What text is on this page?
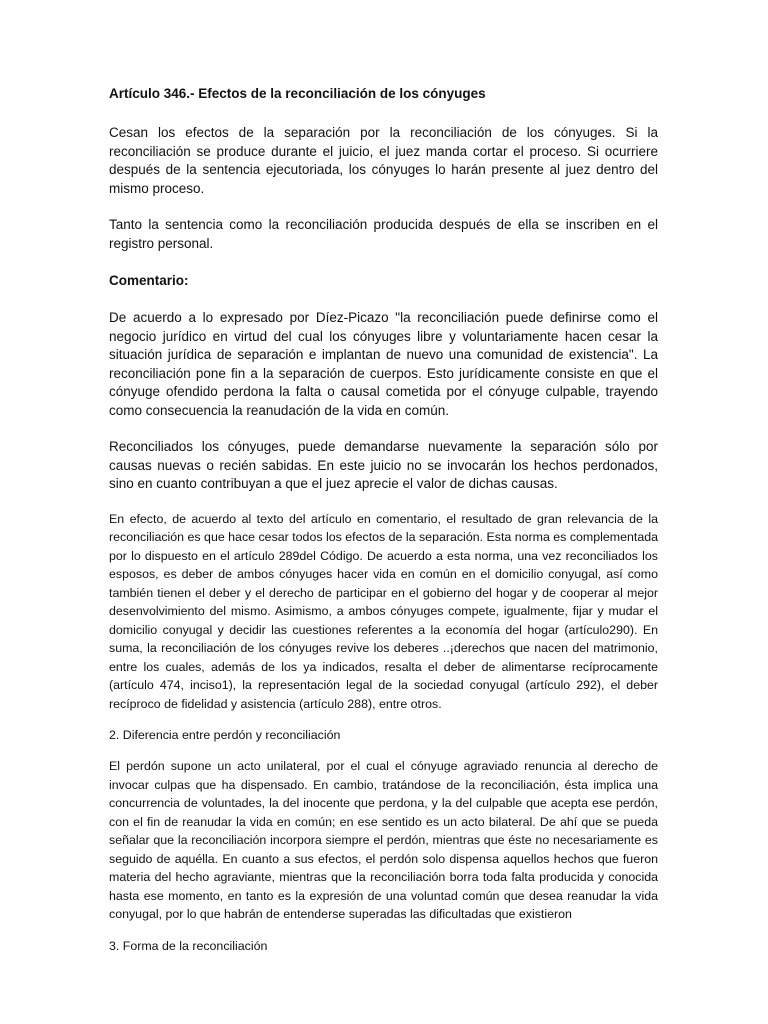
Artículo 346.- Efectos de la reconciliación de los cónyuges

Cesan los efectos de la separación por la reconciliación de los cónyuges. Si la reconciliación se produce durante el juicio, el juez manda cortar el proceso. Si ocurriere después de la sentencia ejecutoriada, los cónyuges lo harán presente al juez dentro del mismo proceso.

Tanto la sentencia como la reconciliación producida después de ella se inscriben en el registro personal.

Comentario:

De acuerdo a lo expresado por Díez-Picazo "la reconciliación puede definirse como el negocio jurídico en virtud del cual los cónyuges libre y voluntariamente hacen cesar la situación jurídica de separación e implantan de nuevo una comunidad de existencia". La reconciliación pone fin a la separación de cuerpos. Esto jurídicamente consiste en que el cónyuge ofendido perdona la falta o causal cometida por el cónyuge culpable, trayendo como consecuencia la reanudación de la vida en común.

Reconciliados los cónyuges, puede demandarse nuevamente la separación sólo por causas nuevas o recién sabidas. En este juicio no se invocarán los hechos perdonados, sino en cuanto contribuyan a que el juez aprecie el valor de dichas causas.

En efecto, de acuerdo al texto del artículo en comentario, el resultado de gran relevancia de la reconciliación es que hace cesar todos los efectos de la separación. Esta norma es complementada por lo dispuesto en el artículo 289del Código. De acuerdo a esta norma, una vez reconciliados los esposos, es deber de ambos cónyuges hacer vida en común en el domicilio conyugal, así como también tienen el deber y el derecho de participar en el gobierno del hogar y de cooperar al mejor desenvolvimiento del mismo. Asimismo, a ambos cónyuges compete, igualmente, fijar y mudar el domicilio conyugal y decidir las cuestiones referentes a la economía del hogar (artículo290). En suma, la reconciliación de los cónyuges revive los deberes ..¡derechos que nacen del matrimonio, entre los cuales, además de los ya indicados, resalta el deber de alimentarse recíprocamente (artículo 474, inciso1), la representación legal de la sociedad conyugal (artículo 292), el deber recíproco de fidelidad y asistencia (artículo 288), entre otros.

2. Diferencia entre perdón y reconciliación

El perdón supone un acto unilateral, por el cual el cónyuge agraviado renuncia al derecho de invocar culpas que ha dispensado. En cambio, tratándose de la reconciliación, ésta implica una concurrencia de voluntades, la del inocente que perdona, y la del culpable que acepta ese perdón, con el fin de reanudar la vida en común; en ese sentido es un acto bilateral. De ahí que se pueda señalar que la reconciliación incorpora siempre el perdón, mientras que éste no necesariamente es seguido de aquélla. En cuanto a sus efectos, el perdón solo dispensa aquellos hechos que fueron materia del hecho agraviante, mientras que la reconciliación borra toda falta producida y conocida hasta ese momento, en tanto es la expresión de una voluntad común que desea reanudar la vida conyugal, por lo que habrán de entenderse superadas las dificultadas que existieron

3. Forma de la reconciliación
